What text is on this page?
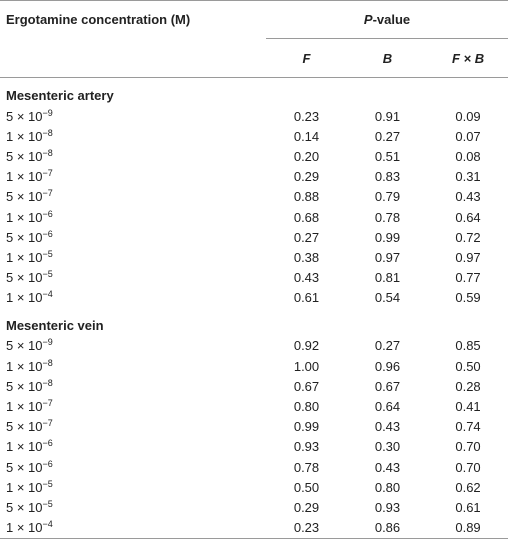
Ergotamine concentration (M)	P-value		
	F	B	F × B
Mesenteric artery			
$5 \times 10^{-9}$	0.23	0.91	0.09
$1 \times 10^{-8}$	0.14	0.27	0.07
$5 \times 10^{-8}$	0.20	0.51	0.08
$1 \times 10^{-7}$	0.29	0.83	0.31
$5 \times 10^{-7}$	0.88	0.79	0.43
$1 \times 10^{-6}$	0.68	0.78	0.64
$5 \times 10^{-6}$	0.27	0.99	0.72
$1 \times 10^{-5}$	0.38	0.97	0.97
$5 \times 10^{-5}$	0.43	0.81	0.77
$1 \times 10^{-4}$	0.61	0.54	0.59
Mesenteric vein			
$5 \times 10^{-9}$	0.92	0.27	0.85
$1 \times 10^{-8}$	1.00	0.96	0.50
$5 \times 10^{-8}$	0.67	0.67	0.28
$1 \times 10^{-7}$	0.80	0.64	0.41
$5 \times 10^{-7}$	0.99	0.43	0.74
$1 \times 10^{-6}$	0.93	0.30	0.70
$5 \times 10^{-6}$	0.78	0.43	0.70
$1 \times 10^{-5}$	0.50	0.80	0.62
$5 \times 10^{-5}$	0.29	0.93	0.61
$1 \times 10^{-4}$	0.23	0.86	0.89
